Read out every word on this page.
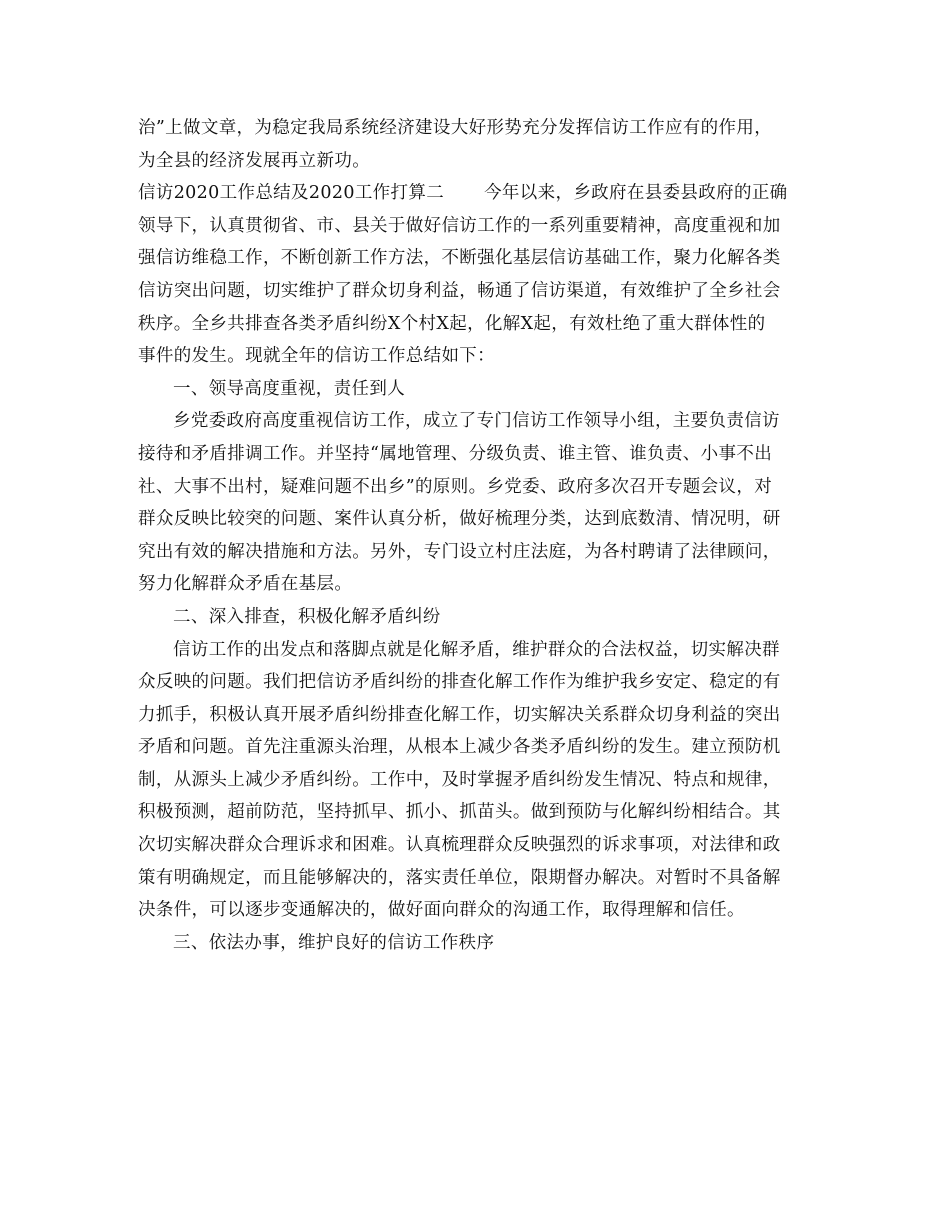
治”上做文章，为稳定我局系统经济建设大好形势充分发挥信访工作应有的作用，
为全县的经济发展再立新功。
信访2020工作总结及2020工作打算二 今年以来，乡政府在县委县政府的正确
领导下，认真贯彻省、市、县关于做好信访工作的一系列重要精神，高度重视和加
强信访维稳工作，不断创新工作方法，不断强化基层信访基础工作，聚力化解各类
信访突出问题，切实维护了群众切身利益，畅通了信访渠道，有效维护了全乡社会
秩序。全乡共排查各类矛盾纠纷X个村X起，化解X起，有效杜绝了重大群体性的
事件的发生。现就全年的信访工作总结如下：
一、领导高度重视，责任到人
乡党委政府高度重视信访工作，成立了专门信访工作领导小组，主要负责信访
接待和矛盾排调工作。并坚持“属地管理、分级负责、谁主管、谁负责、小事不出
社、大事不出村，疑难问题不出乡”的原则。乡党委、政府多次召开专题会议，对
群众反映比较突的问题、案件认真分析，做好梳理分类，达到底数清、情况明，研
究出有效的解决措施和方法。另外，专门设立村庄法庭，为各村聘请了法律顾问，
努力化解群众矛盾在基层。
二、深入排查，积极化解矛盾纠纷
信访工作的出发点和落脚点就是化解矛盾，维护群众的合法权益，切实解决群
众反映的问题。我们把信访矛盾纠纷的排查化解工作作为维护我乡安定、稳定的有
力抓手，积极认真开展矛盾纠纷排查化解工作，切实解决关系群众切身利益的突出
矛盾和问题。首先注重源头治理，从根本上减少各类矛盾纠纷的发生。建立预防机
制，从源头上减少矛盾纠纷。工作中，及时掌握矛盾纠纷发生情况、特点和规律，
积极预测，超前防范，坚持抓早、抓小、抓苗头。做到预防与化解纠纷相结合。其
次切实解决群众合理诉求和困难。认真梳理群众反映强烈的诉求事项，对法律和政
策有明确规定，而且能够解决的，落实责任单位，限期督办解决。对暂时不具备解
决条件，可以逐步变通解决的，做好面向群众的沟通工作，取得理解和信任。
三、依法办事，维护良好的信访工作秩序
